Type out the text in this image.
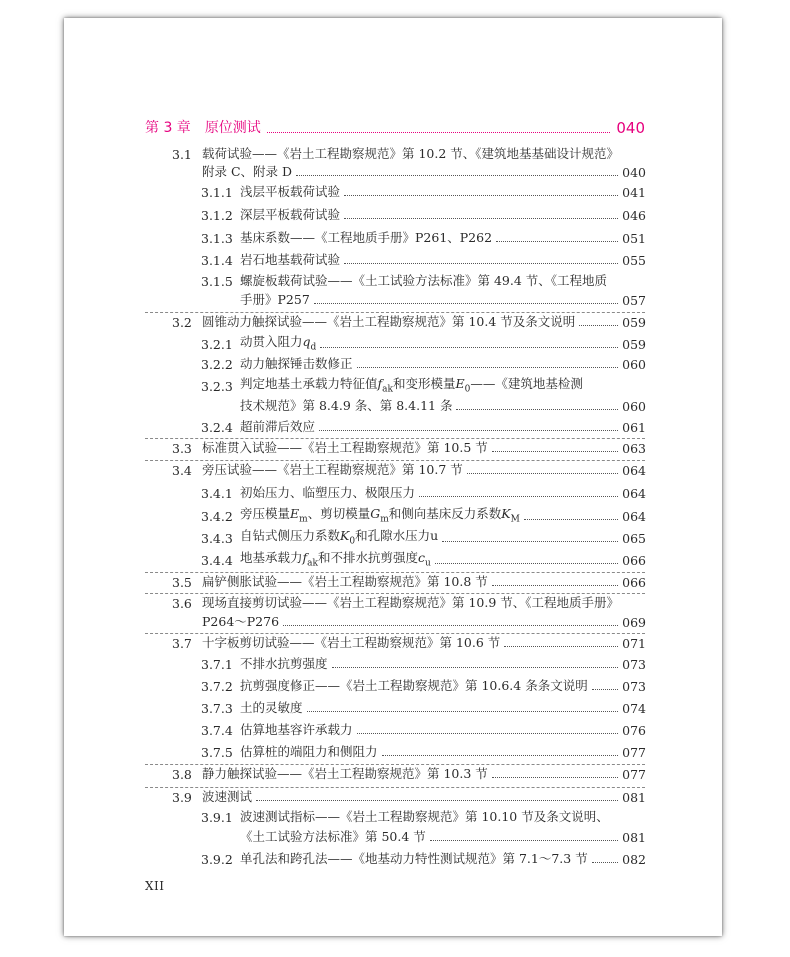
第 3 章 原位测试	040
3.1 载荷试验——《岩土工程勘察规范》第 10.2 节、《建筑地基基础设计规范》
附录 C、附录 D	040
3.1.1 浅层平板载荷试验	041
3.1.2 深层平板载荷试验	046
3.1.3 基床系数——《工程地质手册》P261、P262	051
3.1.4 岩石地基载荷试验	055
3.1.5 螺旋板载荷试验——《土工试验方法标准》第 49.4 节、《工程地质
手册》P257	057
3.2 圆锥动力触探试验——《岩土工程勘察规范》第 10.4 节及条文说明	059
3.2.1 动贯入阻力$q_d$	059
3.2.2 动力触探锤击数修正	060
3.2.3 判定地基土承载力特征值$f_{ak}$和变形模量$E_0——$《建筑地基检测
技术规范》第 8.4.9 条、第 8.4.11 条	060
3.2.4 超前滞后效应	061
3.3 标准贯入试验——《岩土工程勘察规范》第 10.5 节	063
3.4 旁压试验——《岩土工程勘察规范》第 10.7 节	064
3.4.1 初始压力、临塑压力、极限压力	064
3.4.2 旁压模量$E_m$、剪切模量$G_m$和侧向基床反力系数$K_M$	064
3.4.3 自钻式侧压力系数$K_0$和孔隙水压力u	065
3.4.4 地基承载力$f_{ak}$和不排水抗剪强度$c_u$	066
3.5 扁铲侧胀试验——《岩土工程勘察规范》第 10.8 节	066
3.6 现场直接剪切试验——《岩土工程勘察规范》第 10.9 节、《工程地质手册》
P264～P276	069
3.7 十字板剪切试验——《岩土工程勘察规范》第 10.6 节	071
3.7.1 不排水抗剪强度	073
3.7.2 抗剪强度修正——《岩土工程勘察规范》第 10.6.4 条条文说明	073
3.7.3 土的灵敏度	074
3.7.4 估算地基容许承载力	076
3.7.5 估算桩的端阻力和侧阻力	077
3.8 静力触探试验——《岩土工程勘察规范》第 10.3 节	077
3.9 波速测试	081
3.9.1 波速测试指标——《岩土工程勘察规范》第 10.10 节及条文说明、
《土工试验方法标准》第 50.4 节	081
3.9.2 单孔法和跨孔法——《地基动力特性测试规范》第 7.1～7.3 节	082
XII
